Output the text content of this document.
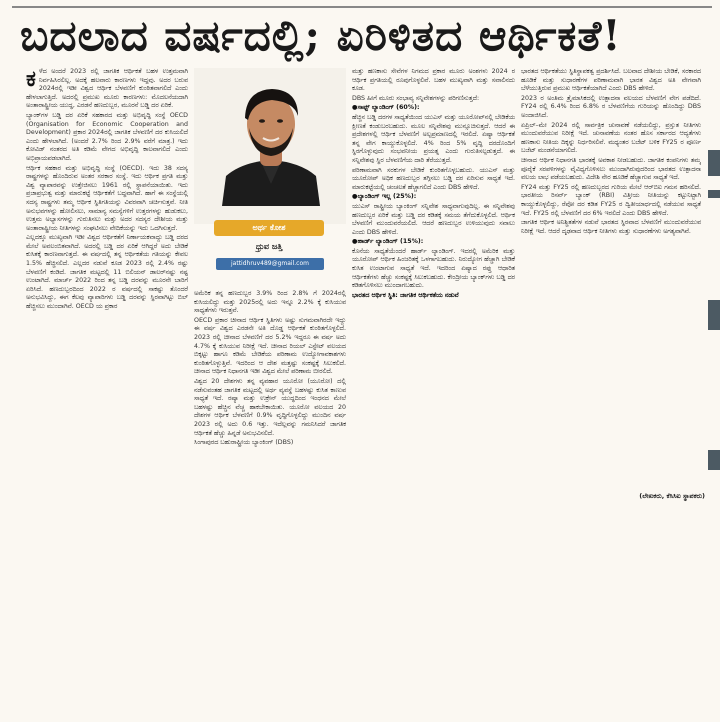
ಬದಲಾದ ವರ್ಷದಲ್ಲಿ; ಏರಿಳಿತದ ಆರ್ಥಿಕತೆ!
ಕ ಳೆದ ಅಂದರೆ 2023 ರಲ್ಲಿ ಜಾಗತಿಕ ಆರ್ಥಿಕತೆ ಬಹಳ ಉತ್ತಮವಾಗಿ ನಿರ್ವಹಿಸಿರಲಿಲ್ಲ. ಅದಕ್ಕೆ ಹಲವಾರು ಕಾರಣಗಳು ಇದ್ದವು. ಅದರ ಬರುವ 2024ರಲ್ಲಿ ಇಡೀ ವಿಶ್ವದ ಆರ್ಥಿಕ ಬೆಳವಣಿಗೆ ಕುಂಠಿತವಾಗಲಿದೆ ಎಂದು ಹೇಳಲಾಗುತ್ತಿದೆ. ಅದರಲ್ಲಿ ಪ್ರಮುಖ ಮೂರು ಕಾರಣಗಳು: ಮೊದಲನೆಯದಾಗಿ ಅಂತಾರಾಷ್ಟ್ರೀಯ ಯುದ್ಧ, ಎರಡನೆ ಹಣದುಬ್ಬರ, ಮೂರನೆ ಬಡ್ಡಿ ದರ ಏರಿಕೆ.

ಬ್ಯಾಂಕ್‌ಗಳ ಬಡ್ಡಿ ದರ ಏರಿಕೆ ಸಹಕಾರದ ಮತ್ತು ಅಭಿವೃದ್ಧಿ ಸಂಸ್ಥೆ OECD (Organisation for Economic Cooperation and Development) ಪ್ರಕಾರ 2024ರಲ್ಲಿ ಜಾಗತಿಕ ಬೆಳವಣಿಗೆ ದರ ಕುಸಿಯಲಿದೆ ಎಂದು ಹೇಳಲಾಗಿದೆ. (ಅಂದರೆ 2.7% ರಿಂದ 2.9% ವರೆಗೆ ಮಾತ್ರ.) ಇದು ಕೋವಿಡ್ ನಂತರದ ಅತಿ ಕಡಿಮೆ ವೇಗದ ಅಭಿವೃದ್ಧಿ ಕಾಲವಾಗಲಿದೆ ಎಂದು ಅಭಿಪ್ರಾಯಪಡಲಾಗಿದೆ.

ಆರ್ಥಿಕ ಸಹಕಾರ ಮತ್ತು ಅಭಿವೃದ್ಧಿ ಸಂಸ್ಥೆ (OECD). ಇದು 38 ಸದಸ್ಯ ರಾಷ್ಟ್ರಗಳನ್ನು ಹೊಂದಿರುವ ಅಂತರ ಸರಕಾರ ಸಂಸ್ಥೆ. ಇದು ಆರ್ಥಿಕ ಪ್ರಗತಿ ಮತ್ತು ವಿಶ್ವ ವ್ಯಾಪಾರವನ್ನು ಉತ್ತೇಜಿಸಲು 1961 ರಲ್ಲಿ ಸ್ಥಾಪನೆಯಾಯಿತು. ಇದು ಪ್ರಜಾಪ್ರಭುತ್ವ ಮತ್ತು ಮಾರುಕಟ್ಟೆ ಆರ್ಥಿಕತೆಗೆ ಬದ್ಧವಾಗಿದೆ. ಹಾಗೆ ಈ ಸಂಸ್ಥೆಯಲ್ಲಿ ಸದಸ್ಯ ರಾಷ್ಟ್ರಗಳು ತಮ್ಮ ಆರ್ಥಿಕ ಸ್ಥಿತಿಗತಿಯನ್ನು ವಿವರವಾಗಿ ಚರ್ಚಿಸುತ್ತವೆ. ನೀತಿ ಅನುಭವಗಳನ್ನು ಹೋಲಿಸಲು, ಸಾಮಾನ್ಯ ಸಮಸ್ಯೆಗಳಿಗೆ ಉತ್ತರಗಳನ್ನು ಹುಡುಕಲು, ಉತ್ತಮ ಅಭ್ಯಾಸಗಳನ್ನು ಗುರುತಿಸಲು ಮತ್ತು ಅದರ ಸದಸ್ಯರ ದೇಶೀಯ ಮತ್ತು ಅಂತಾರಾಷ್ಟ್ರೀಯ ನೀತಿಗಳನ್ನು ಸಂಘಟಿಸಲು ವೇದಿಕೆಯನ್ನು ಇದು ಒದಗಿಸುತ್ತದೆ.

ಎಲ್ಲದಕ್ಕೂ ಮುಖ್ಯವಾಗಿ ಇಡೀ ವಿಶ್ವದ ಆರ್ಥಿಕತೆಗೆ ನಿರ್ಣಾಯಕವಾದ್ದು ಬಡ್ಡಿ ದರದ ಮೇಲೆ ಅವಲಂಬಿತವಾಗಿದೆ. ಅದರಲ್ಲಿ ಬಡ್ಡಿ ದರ ಏರಿಕೆ ಆಗಿದ್ದರೆ ಅದು ಬೇಡಿಕೆ ಕುಸಿತಕ್ಕೆ ಕಾರಣವಾಗುತ್ತದೆ. ಈ ವರ್ಷದಲ್ಲಿ ತನ್ನ ಆರ್ಥಿಕತೆಯ ಗತಿಯನ್ನು ಕೇವಲ 1.5% ಹೆಚ್ಚಿಸಲಿದೆ. ಎಲ್ಲದರ ನಡುವೆ ಕೂಡ 2023 ರಲ್ಲಿ 2.4% ರಷ್ಟು ಬೆಳವಣಿಗೆ ಕಂಡಿದೆ. ಜಾಗತಿಕ ಮಟ್ಟದಲ್ಲಿ 11 ಬಿಲಿಯನ್ ಡಾಲರ್‌ನಷ್ಟು ನಷ್ಟ ಉಂಟಾಗಿದೆ. ಮಾರ್ಚ್ 2022 ರಿಂದ ತನ್ನ ಬಡ್ಡಿ ದರವನ್ನು ಮೂರನೇ ಬಾರಿಗೆ ಏರಿಸಿದೆ. ಹಣದುಬ್ಬರದಿಂದ 2022 ರ ವರ್ಷದಲ್ಲಿ ಸಾಕಷ್ಟು ತೊಂದರೆ ಅನುಭವಿಸಿದ್ದು, ಈಗ ಕೆಲವು ವ್ಯಾಪಾರಿಗಳು ಬಡ್ಡಿ ದರವನ್ನು ಸ್ಥಿರವಾಗಿಟ್ಟು ಬಿಲ್ ಹೆಚ್ಚಿಸಲು ಮುಂದಾಗಿವೆ. OECD ಯ ಪ್ರಕಾರ

ಅರ್ಥ ಕೋಶ
ಧ್ರುವ ಜತ್ತಿ
jattidhruv489@gmail.com

ಅಮೆರಿಕ ತನ್ನ ಹಣದುಬ್ಬರ 3.9% ರಿಂದ 2.8% ಗೆ 2024ರಲ್ಲಿ ಕುಸಿಯಲಿದ್ದು ಮತ್ತು 2025ರಲ್ಲಿ ಅದು ಇನ್ನೂ 2.2% ಕ್ಕೆ ಕುಸಿಯುವ ಸಾಧ್ಯತೆಗಳು ಇರುತ್ತವೆ.

OECD ಪ್ರಕಾರ ಚೀನಾದ ಆರ್ಥಿಕ ಸ್ಥಿತಿಗಳು ಅಷ್ಟು ಸುಗಮವಾಗಿರದೇ ಇದ್ದು ಈ ವರ್ಷ ವಿಶ್ವದ ಎರಡನೇ ಅತಿ ದೊಡ್ಡ ಆರ್ಥಿಕತೆ ಕುಂಠಿತಗೊಳ್ಳಲಿದೆ. 2023 ರಲ್ಲಿ ಚೀನಾದ ಬೆಳವಣಿಗೆ ದರ 5.2% ಇದ್ದರೂ ಈ ವರ್ಷ ಅದು 4.7% ಕ್ಕೆ ಕುಸಿಯುವ ನಿರೀಕ್ಷೆ ಇದೆ. ಚೀನಾದ ರಿಯಲ್ ಎಸ್ಟೇಟ್ ವಲಯದ ಬಿಕ್ಕಟ್ಟು ಹಾಗೂ ಕಡಿಮೆ ಬೇಡಿಕೆಯ ಪರಿಣಾಮ ಉದ್ಯೋಗಾವಕಾಶಗಳು ಕುಂಠಿತಗೊಳ್ಳುತ್ತಿವೆ. ಇದರಿಂದ ಆ ದೇಶ ಮತ್ತಷ್ಟು ಸಂಕಷ್ಟಕ್ಕೆ ಸಿಲುಕಲಿದೆ. ಚೀನಾದ ಆರ್ಥಿಕ ನಿಧಾನಗತಿ ಇಡೀ ವಿಶ್ವದ ಮೇಲೆ ಪರಿಣಾಮ ಬೀರಲಿದೆ.

ವಿಶ್ವದ 20 ದೇಶಗಳು ತನ್ನ ವ್ಯವಹಾರ ಯೂರೋ (ಯೂರೋ) ದಲ್ಲಿ ನಡೆಸುವಂತಹ ಜಾಗತಿಕ ಮಟ್ಟದಲ್ಲಿ ಅರ್ಥ ವ್ಯವಸ್ಥೆ ಬಹಳಷ್ಟು ಕುಸಿತ ಕಾಣುವ ಸಾಧ್ಯತೆ ಇದೆ. ರಷ್ಯಾ ಮತ್ತು ಉಕ್ರೇನ್ ಯುದ್ಧದಿಂದ ಇಂಧನದ ಮೇಲೆ ಬಹಳಷ್ಟು ಹೆಚ್ಚಿನ ವೆಚ್ಚ ಹಾಕಬೇಕಾಯಿತು. ಯೂರೋ ವಲಯದ 20 ದೇಶಗಳ ಆರ್ಥಿಕ ಬೆಳವಣಿಗೆ 0.9% ವೃದ್ಧಿಗೊಳ್ಳಲಿದ್ದು ಮುಂದಿನ ವರ್ಷ 2023 ರಲ್ಲಿ ಅದು 0.6 ಇತ್ತು. ಇದೆಲ್ಲವನ್ನು ಗಮನಿಸಿದರೆ ಜಾಗತಿಕ ಆರ್ಥಿಕತೆ ಹೆಚ್ಚು ಹಿನ್ನಡೆ ಅನುಭವಿಸಲಿದೆ.

ಸಿಂಗಾಪುರದ ಬಹುರಾಷ್ಟ್ರೀಯ ಬ್ಯಾಂಕಿಂಗ್ (DBS)

ಮತ್ತು ಹಣಕಾಸು ಸೇವೆಗಳ ನಿಗಮದ ಪ್ರಕಾರ ಮೂರು ಅಂಶಗಳು 2024 ರ ಆರ್ಥಿಕ ಪ್ರಗತಿಯಲ್ಲಿ ರೂಪುಗೊಳ್ಳಲಿವೆ. ಬಹಳ ಮುಖ್ಯವಾಗಿ ಮತ್ತು ಸವಾಲಿನದು ಕೂಡ.

DBS ಹೀಗೆ ಮೂರು ಸಂಭಾವ್ಯ ಸನ್ನಿವೇಶಗಳನ್ನು ಪರಿಗಣಿಸುತ್ತದೆ:

●ಸಾಫ್ಟ್ ಲ್ಯಾಂಡಿಂಗ್ (60%):

ಹೆಚ್ಚಿನ ಬಡ್ಡಿ ದರಗಳ ಸಾಧ್ಯತೆಯಿಂದ ಯುಎಸ್ ಮತ್ತು ಯೂರೋಪ್‌ನಲ್ಲಿ ಬೇಡಿಕೆಯ ಕ್ಷೀಣತೆ ಕಂಡುಬರಬಹುದು. ಮೂಲ ಸನ್ನಿವೇಶವು ಮುನ್ಸೂಚಿಸುತ್ತದೆ. ಆದರೆ ಈ ಪ್ರದೇಶಗಳಲ್ಲಿ ಆರ್ಥಿಕ ಬೆಳವಣಿಗೆ ಅಲ್ಪಪ್ರಮಾಣದಲ್ಲಿ ಇರಲಿದೆ. ಏಷ್ಯಾ ಆರ್ಥಿಕತೆ ತನ್ನ ವೇಗ ಕಾಯ್ದುಕೊಳ್ಳಲಿದೆ. 4% ರಿಂದ 5% ವೃದ್ಧಿ ದರದೊಂದಿಗೆ ಸ್ಥಿರಗೊಳ್ಳುವುದು ಸಂಭವನೀಯ ಪ್ರಯತ್ನ ಎಂದು ಗುರುತಿಸಲ್ಪಡುತ್ತದೆ. ಈ ಸನ್ನಿವೇಶವು ಸ್ಥಿರ ಬೆಳವಣಿಗೆಯ ದಾರಿ ತೆರೆಯುತ್ತದೆ.

ಪರಿಣಾಮವಾಗಿ ಸರಕುಗಳ ಬೇಡಿಕೆ ಕುಂಠಿತಗೊಳ್ಳಬಹುದು. ಯುಎಸ್ ಮತ್ತು ಯೂರೋಪ್ ಅಧಿಕ ಹಣದುಬ್ಬರ ತಗ್ಗಿಸಲು ಬಡ್ಡಿ ದರ ಏರಿಸುವ ಸಾಧ್ಯತೆ ಇದೆ. ಮಾರುಕಟ್ಟೆಯಲ್ಲಿ ಚಂಚಲತೆ ಹೆಚ್ಚಾಗಲಿದೆ ಎಂದು DBS ಹೇಳಿದೆ.

●ಲ್ಯಾಂಡಿಂಗ್ ಇಲ್ಲ (25%):

ಯುಎಸ್ ರಾಷ್ಟ್ರೀಯ ಬ್ಯಾಂಕಿಂಗ್ ಸನ್ನಿವೇಶ ಸಾಧ್ಯವಾಗುವುದಿಲ್ಲ. ಈ ಸನ್ನಿವೇಶವು ಹಣದುಬ್ಬರ ಏರಿಕೆ ಮತ್ತು ಬಡ್ಡಿ ದರ ಕಡಿತಕ್ಕೆ ಸಮಯ ತೆಗೆದುಕೊಳ್ಳಲಿದೆ. ಆರ್ಥಿಕ ಬೆಳವಣಿಗೆ ಮುಂದುವರೆಯಲಿದೆ. ಆದರೆ ಹಣದುಬ್ಬರ ಉಳಿಯುವುದು ಸವಾಲು ಎಂದು DBS ಹೇಳಿದೆ.

●ಹಾರ್ಡ್ ಲ್ಯಾಂಡಿಂಗ್ (15%):

ಕೊನೆಯ ಸಾಧ್ಯತೆಯೆಂದರೆ ಹಾರ್ಡ್ ಲ್ಯಾಂಡಿಂಗ್. ಇದರಲ್ಲಿ ಅಮೆರಿಕ ಮತ್ತು ಯೂರೋಪ್ ಆರ್ಥಿಕ ಹಿಂಜರಿತಕ್ಕೆ ಒಳಗಾಗಬಹುದು. ನಿರುದ್ಯೋಗ ಹೆಚ್ಚಾಗಿ ಬೇಡಿಕೆ ಕುಸಿತ ಉಂಟಾಗುವ ಸಾಧ್ಯತೆ ಇದೆ. ಇದರಿಂದ ಏಷ್ಯಾದ ರಫ್ತು ಆಧಾರಿತ ಆರ್ಥಿಕತೆಗಳು ಹೆಚ್ಚು ಸಂಕಷ್ಟಕ್ಕೆ ಸಿಲುಕಬಹುದು. ಕೇಂದ್ರೀಯ ಬ್ಯಾಂಕ್‌ಗಳು ಬಡ್ಡಿ ದರ ಕಡಿತಗೊಳಿಸಲು ಮುಂದಾಗಬಹುದು.

ಭಾರತದ ಆರ್ಥಿಕ ಸ್ಥಿತಿ: ಜಾಗತಿಕ ಆರ್ಥಿಕತೆಯ ನಡುವೆ

ಭಾರತದ ಆರ್ಥಿಕತೆಯು ಸ್ಥಿತಿಸ್ಥಾಪಕತ್ವ ಪ್ರದರ್ಶಿಸಿದೆ. ಬಲವಾದ ದೇಶೀಯ ಬೇಡಿಕೆ, ಸರಕಾರದ ಹೂಡಿಕೆ ಮತ್ತು ಸುಧಾರಣೆಗಳ ಪರಿಣಾಮವಾಗಿ ಭಾರತ ವಿಶ್ವದ ಅತಿ ವೇಗವಾಗಿ ಬೆಳೆಯುತ್ತಿರುವ ಪ್ರಮುಖ ಆರ್ಥಿಕತೆಯಾಗಿದೆ ಎಂದು DBS ಹೇಳಿದೆ.

2023 ರ ಅಂತಿಮ ತ್ರೈಮಾಸಿಕದಲ್ಲಿ ಉತ್ಪಾದನಾ ವಲಯದ ಬೆಳವಣಿಗೆ ವೇಗ ಪಡೆದಿದೆ. FY24 ರಲ್ಲಿ 6.4% ರಿಂದ 6.8% ರ ಬೆಳವಣಿಗೆಯ ಗುರಿಯನ್ನು ಹೊಂದಿದ್ದು DBS ಅಂದಾಜಿಸಿದೆ.

ಏಪ್ರಿಲ್–ಮೇ 2024 ರಲ್ಲಿ ಸಾರ್ವತ್ರಿಕ ಚುನಾವಣೆ ನಡೆಯಲಿದ್ದು, ಪ್ರಸ್ತುತ ನೀತಿಗಳು ಮುಂದುವರೆಯುವ ನಿರೀಕ್ಷೆ ಇದೆ. ಚುನಾವಣೆಯ ನಂತರ ಹೊಸ ಸರ್ಕಾರದ ಆದ್ಯತೆಗಳು ಹಣಕಾಸು ನೀತಿಯ ದಿಕ್ಕನ್ನು ನಿರ್ಧರಿಸಲಿವೆ. ಮಧ್ಯಂತರ ಬಜೆಟ್ ಬಳಿಕ FY25 ರ ಪೂರ್ಣ ಬಜೆಟ್ ಮಂಡನೆಯಾಗಲಿದೆ.

ಚೀನಾದ ಆರ್ಥಿಕ ನಿಧಾನಗತಿ ಭಾರತಕ್ಕೆ ಅವಕಾಶ ನೀಡಬಹುದು. ಜಾಗತಿಕ ಕಂಪನಿಗಳು ತಮ್ಮ ಪೂರೈಕೆ ಸರಪಳಿಗಳನ್ನು ವೈವಿಧ್ಯಗೊಳಿಸಲು ಮುಂದಾಗಿರುವುದರಿಂದ ಭಾರತದ ಉತ್ಪಾದನಾ ವಲಯ ಲಾಭ ಪಡೆಯಬಹುದು. ವಿದೇಶಿ ನೇರ ಹೂಡಿಕೆ ಹೆಚ್ಚಾಗುವ ಸಾಧ್ಯತೆ ಇದೆ.

FY24 ಮತ್ತು FY25 ರಲ್ಲಿ ಹಣದುಬ್ಬರದ ಗುರಿಯ ಮೇಲೆ ಆರ್‌ಬಿಐ ಗಮನ ಹರಿಸಲಿದೆ. ಭಾರತೀಯ ರಿಸರ್ವ್ ಬ್ಯಾಂಕ್ (RBI) ವಿತ್ತೀಯ ನೀತಿಯನ್ನು ಕಟ್ಟುನಿಟ್ಟಾಗಿ ಕಾಯ್ದುಕೊಳ್ಳಲಿದ್ದು, ರೆಪೋ ದರ ಕಡಿತ FY25 ರ ದ್ವಿತೀಯಾರ್ಧದಲ್ಲಿ ನಡೆಯುವ ಸಾಧ್ಯತೆ ಇದೆ. FY25 ರಲ್ಲಿ ಬೆಳವಣಿಗೆ ದರ 6% ಇರಲಿದೆ ಎಂದು DBS ಹೇಳಿದೆ.

ಜಾಗತಿಕ ಆರ್ಥಿಕ ಅನಿಶ್ಚಿತತೆಗಳ ನಡುವೆ ಭಾರತದ ಸ್ಥಿರವಾದ ಬೆಳವಣಿಗೆ ಮುಂದುವರೆಯುವ ನಿರೀಕ್ಷೆ ಇದೆ. ಆದರೆ ದೃಢವಾದ ಆರ್ಥಿಕ ನೀತಿಗಳು ಮತ್ತು ಸುಧಾರಣೆಗಳು ಅಗತ್ಯವಾಗಿವೆ.

(ಲೇಖಕರು, ಕೆಸಿಸಿಐ ಸ್ಥಾಪಕರು)
